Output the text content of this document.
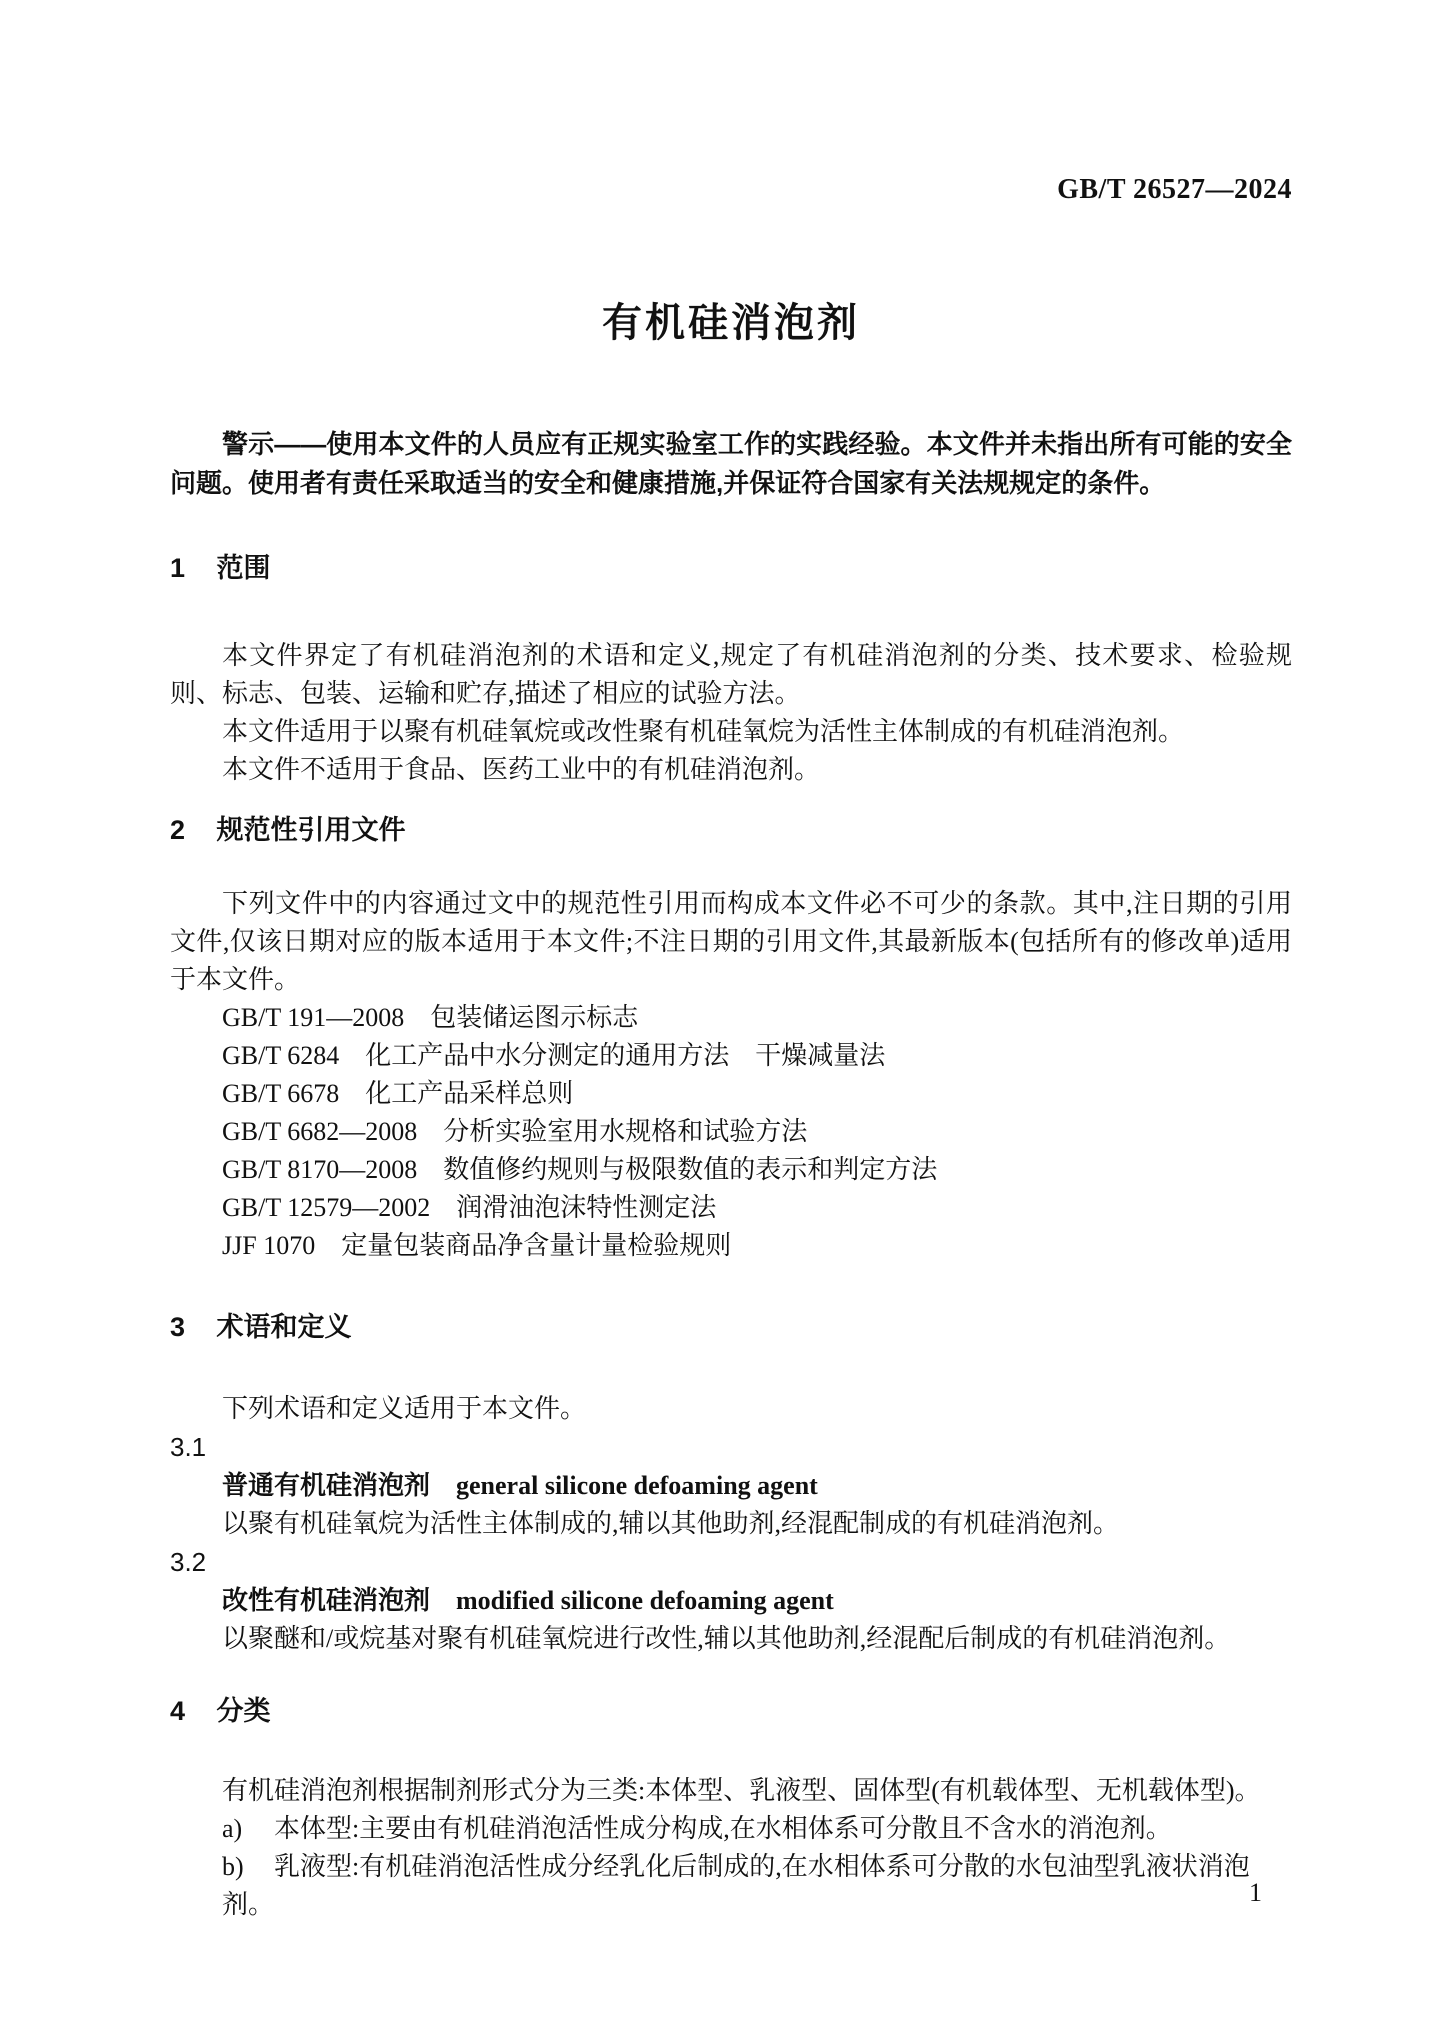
GB/T 26527—2024
有机硅消泡剂

警示——使用本文件的人员应有正规实验室工作的实践经验。本文件并未指出所有可能的安全问题。使用者有责任采取适当的安全和健康措施,并保证符合国家有关法规规定的条件。

1 范围

本文件界定了有机硅消泡剂的术语和定义,规定了有机硅消泡剂的分类、技术要求、检验规则、标志、包装、运输和贮存,描述了相应的试验方法。

本文件适用于以聚有机硅氧烷或改性聚有机硅氧烷为活性主体制成的有机硅消泡剂。

本文件不适用于食品、医药工业中的有机硅消泡剂。

2 规范性引用文件

下列文件中的内容通过文中的规范性引用而构成本文件必不可少的条款。其中,注日期的引用文件,仅该日期对应的版本适用于本文件;不注日期的引用文件,其最新版本(包括所有的修改单)适用于本文件。

GB/T 191—2008 包装储运图示标志
GB/T 6284 化工产品中水分测定的通用方法　干燥减量法
GB/T 6678 化工产品采样总则
GB/T 6682—2008 分析实验室用水规格和试验方法
GB/T 8170—2008 数值修约规则与极限数值的表示和判定方法
GB/T 12579—2002 润滑油泡沫特性测定法
JJF 1070 定量包装商品净含量计量检验规则
3 术语和定义

下列术语和定义适用于本文件。

3.1
普通有机硅消泡剂 general silicone defoaming agent
以聚有机硅氧烷为活性主体制成的,辅以其他助剂,经混配制成的有机硅消泡剂。
3.2
改性有机硅消泡剂 modified silicone defoaming agent
以聚醚和/或烷基对聚有机硅氧烷进行改性,辅以其他助剂,经混配后制成的有机硅消泡剂。
4 分类

有机硅消泡剂根据制剂形式分为三类:本体型、乳液型、固体型(有机载体型、无机载体型)。

a) 本体型:主要由有机硅消泡活性成分构成,在水相体系可分散且不含水的消泡剂。
b) 乳液型:有机硅消泡活性成分经乳化后制成的,在水相体系可分散的水包油型乳液状消泡剂。	1
